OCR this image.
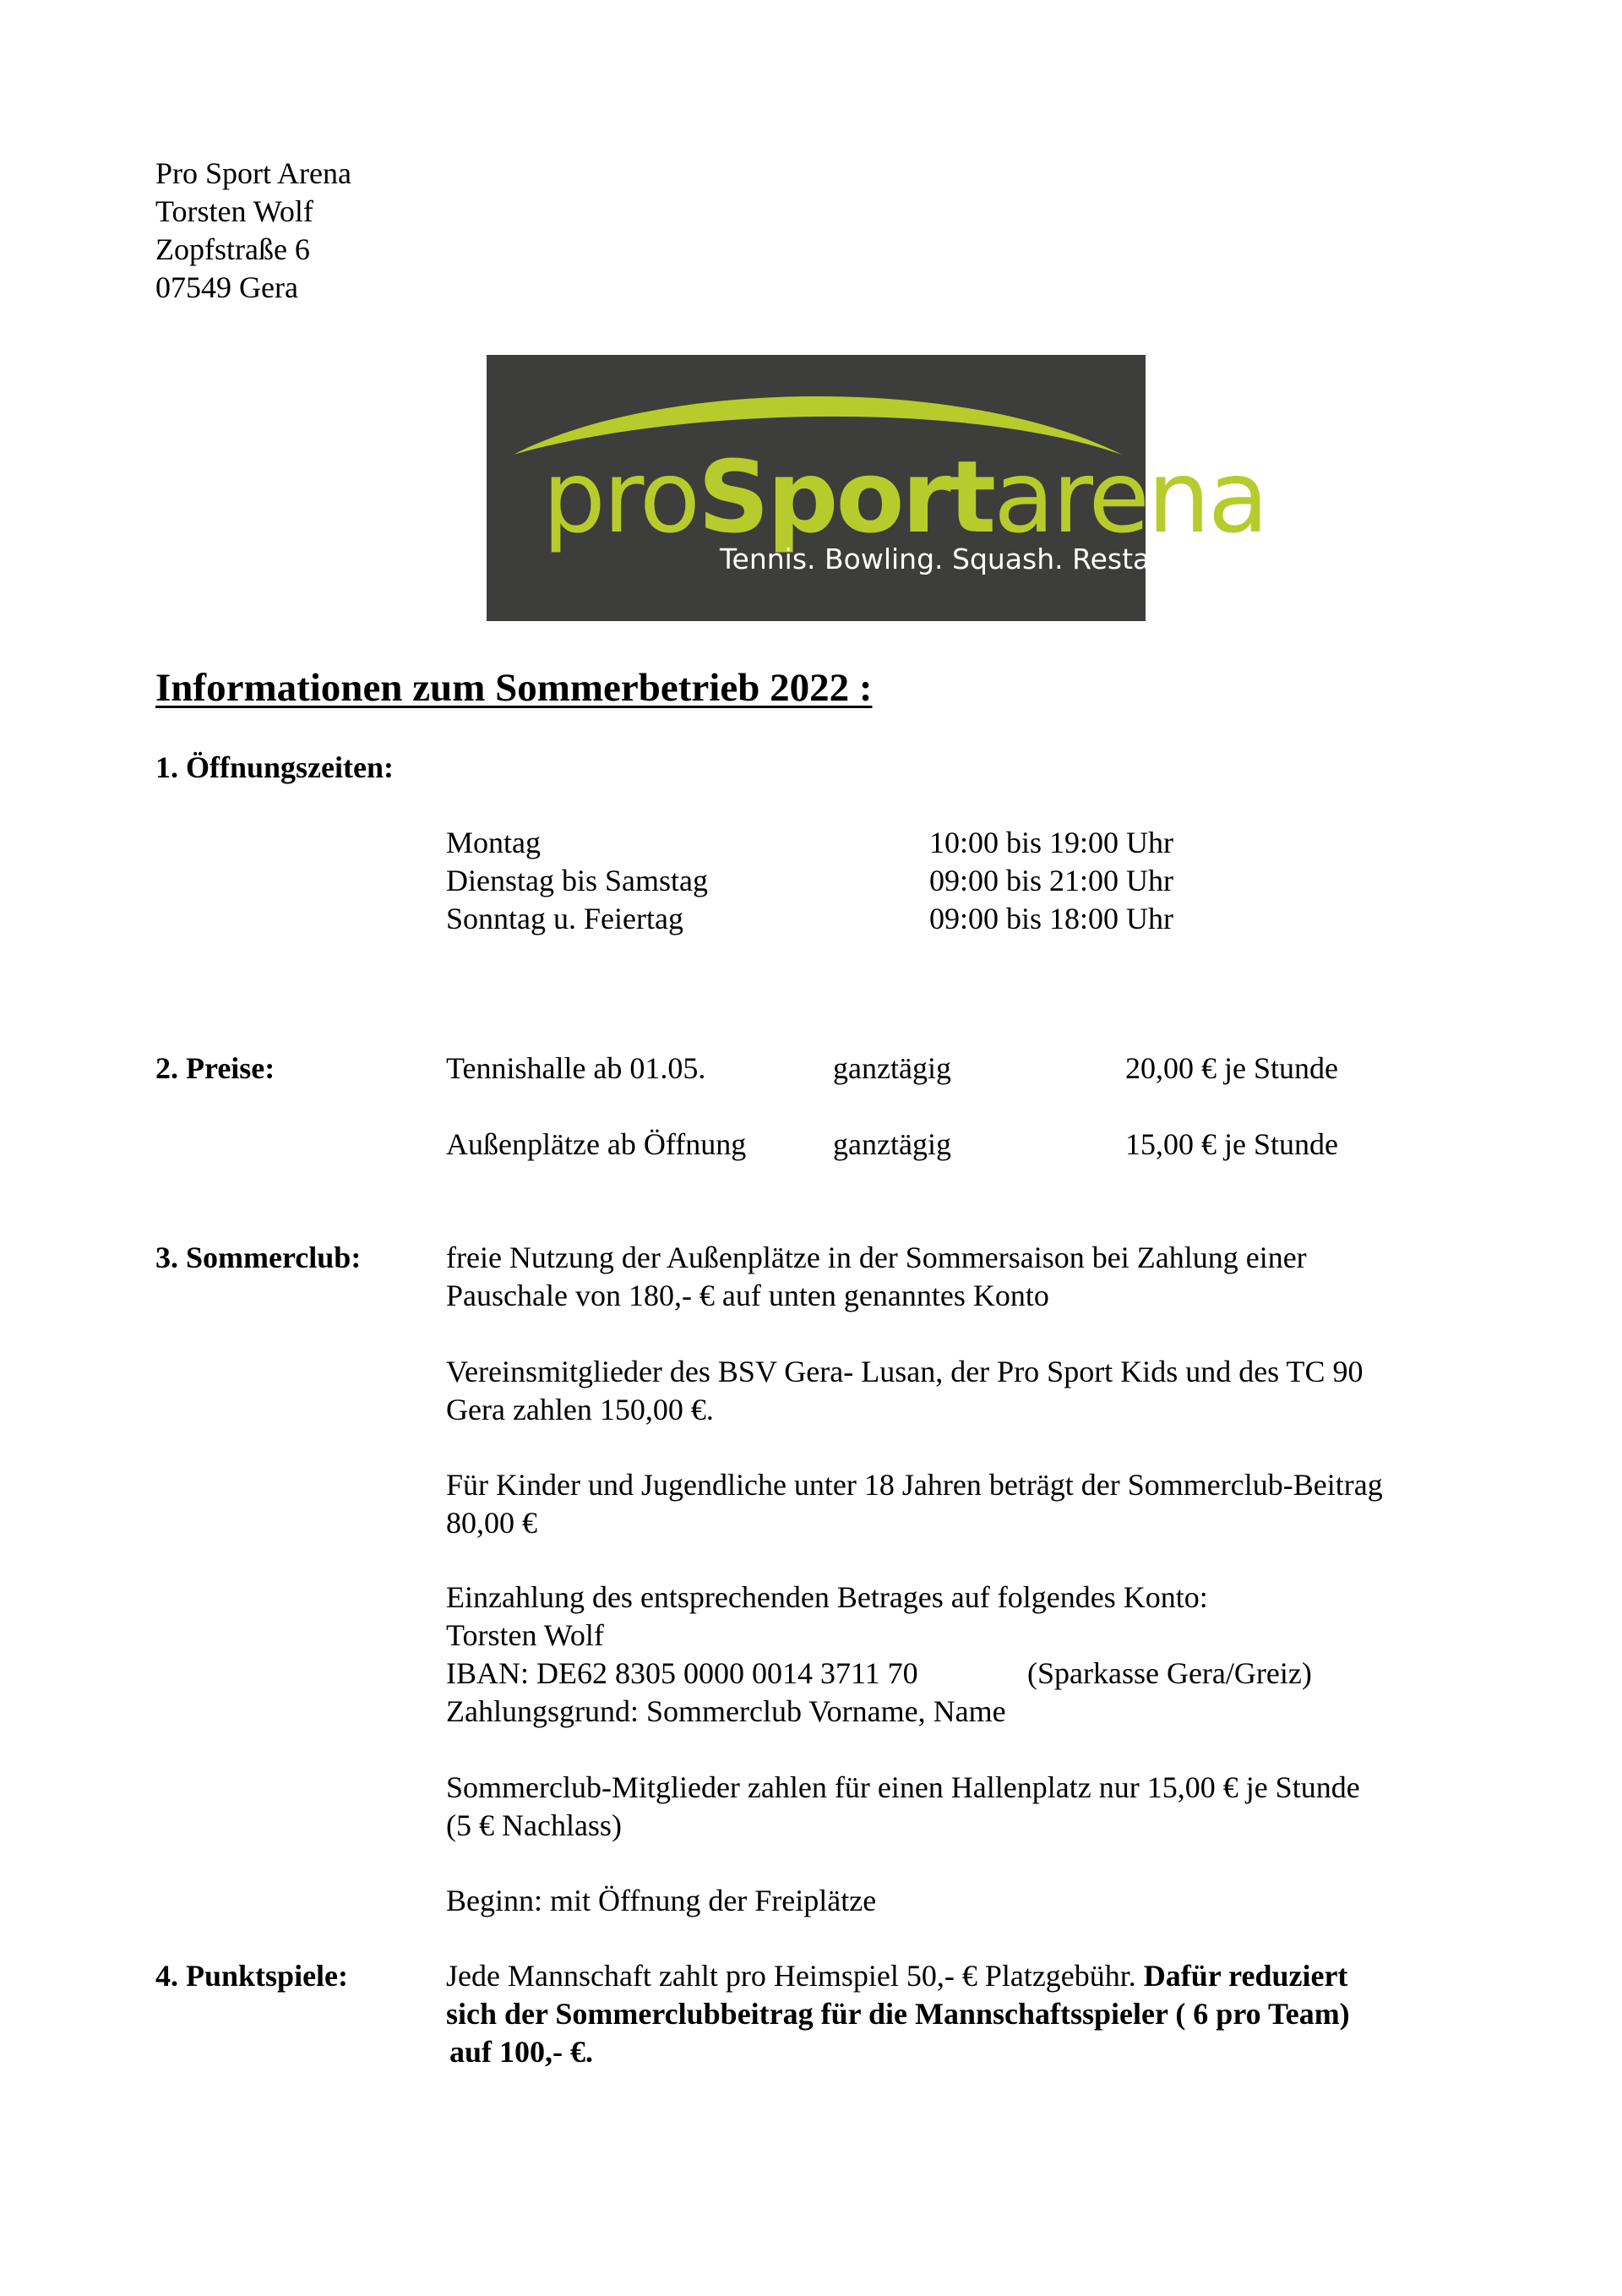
Pro Sport Arena
Torsten Wolf
Zopfstraße 6
07549 Gera
proSportarena
Tennis. Bowling. Squash. Restaurant.
Informationen zum Sommerbetrieb 2022 :
1. Öffnungszeiten:
Montag	10:00 bis 19:00 Uhr
Dienstag bis Samstag	09:00 bis 21:00 Uhr
Sonntag u. Feiertag	09:00 bis 18:00 Uhr
2. Preise:	Tennishalle ab 01.05.	ganztägig	20,00 € je Stunde
Außenplätze ab Öffnung	ganztägig	15,00 € je Stunde
3. Sommerclub:	freie Nutzung der Außenplätze in der Sommersaison bei Zahlung einer
Pauschale von 180,- € auf unten genanntes Konto
Vereinsmitglieder des BSV Gera- Lusan, der Pro Sport Kids und des TC 90
Gera zahlen 150,00 €.
Für Kinder und Jugendliche unter 18 Jahren beträgt der Sommerclub-Beitrag
80,00 €
Einzahlung des entsprechenden Betrages auf folgendes Konto:
Torsten Wolf
IBAN: DE62 8305 0000 0014 3711 70	(Sparkasse Gera/Greiz)
Zahlungsgrund: Sommerclub Vorname, Name
Sommerclub-Mitglieder zahlen für einen Hallenplatz nur 15,00 € je Stunde
(5 € Nachlass)
Beginn: mit Öffnung der Freiplätze
4. Punktspiele:	Jede Mannschaft zahlt pro Heimspiel 50,- € Platzgebühr. Dafür reduziert
sich der Sommerclubbeitrag für die Mannschaftsspieler ( 6 pro Team)
auf 100,- €.
